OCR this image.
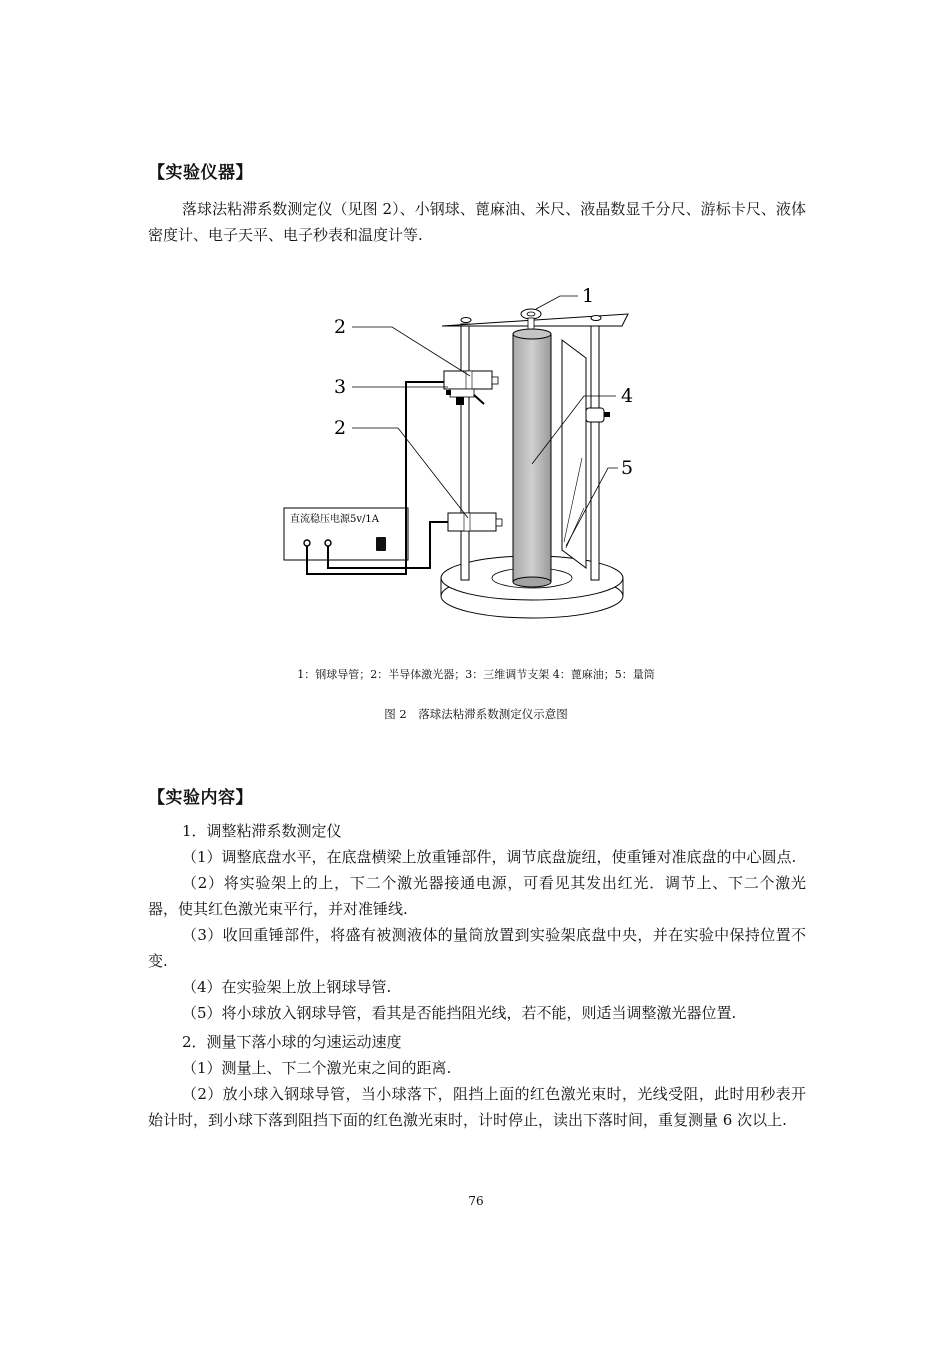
【实验仪器】

落球法粘滞系数测定仪（见图 2）、小钢球、蓖麻油、米尺、液晶数显千分尺、游标卡尺、液体密度计、电子天平、电子秒表和温度计等.

直流稳压电源5v/1A
1
2
3
2
4
5
1：钢球导管；2：半导体激光器；3：三维调节支架 4：蓖麻油；5：量筒
图 2　落球法粘滞系数测定仪示意图
【实验内容】

1．调整粘滞系数测定仪

（1）调整底盘水平，在底盘横梁上放重锤部件，调节底盘旋纽，使重锤对准底盘的中心圆点.

（2）将实验架上的上，下二个激光器接通电源，可看见其发出红光．调节上、下二个激光器，使其红色激光束平行，并对准锤线.

（3）收回重锤部件，将盛有被测液体的量筒放置到实验架底盘中央，并在实验中保持位置不变.

（4）在实验架上放上钢球导管.

（5）将小球放入钢球导管，看其是否能挡阻光线，若不能，则适当调整激光器位置.

2．测量下落小球的匀速运动速度

（1）测量上、下二个激光束之间的距离.

（2）放小球入钢球导管，当小球落下，阻挡上面的红色激光束时，光线受阻，此时用秒表开始计时，到小球下落到阻挡下面的红色激光束时，计时停止，读出下落时间，重复测量 6 次以上.

76
